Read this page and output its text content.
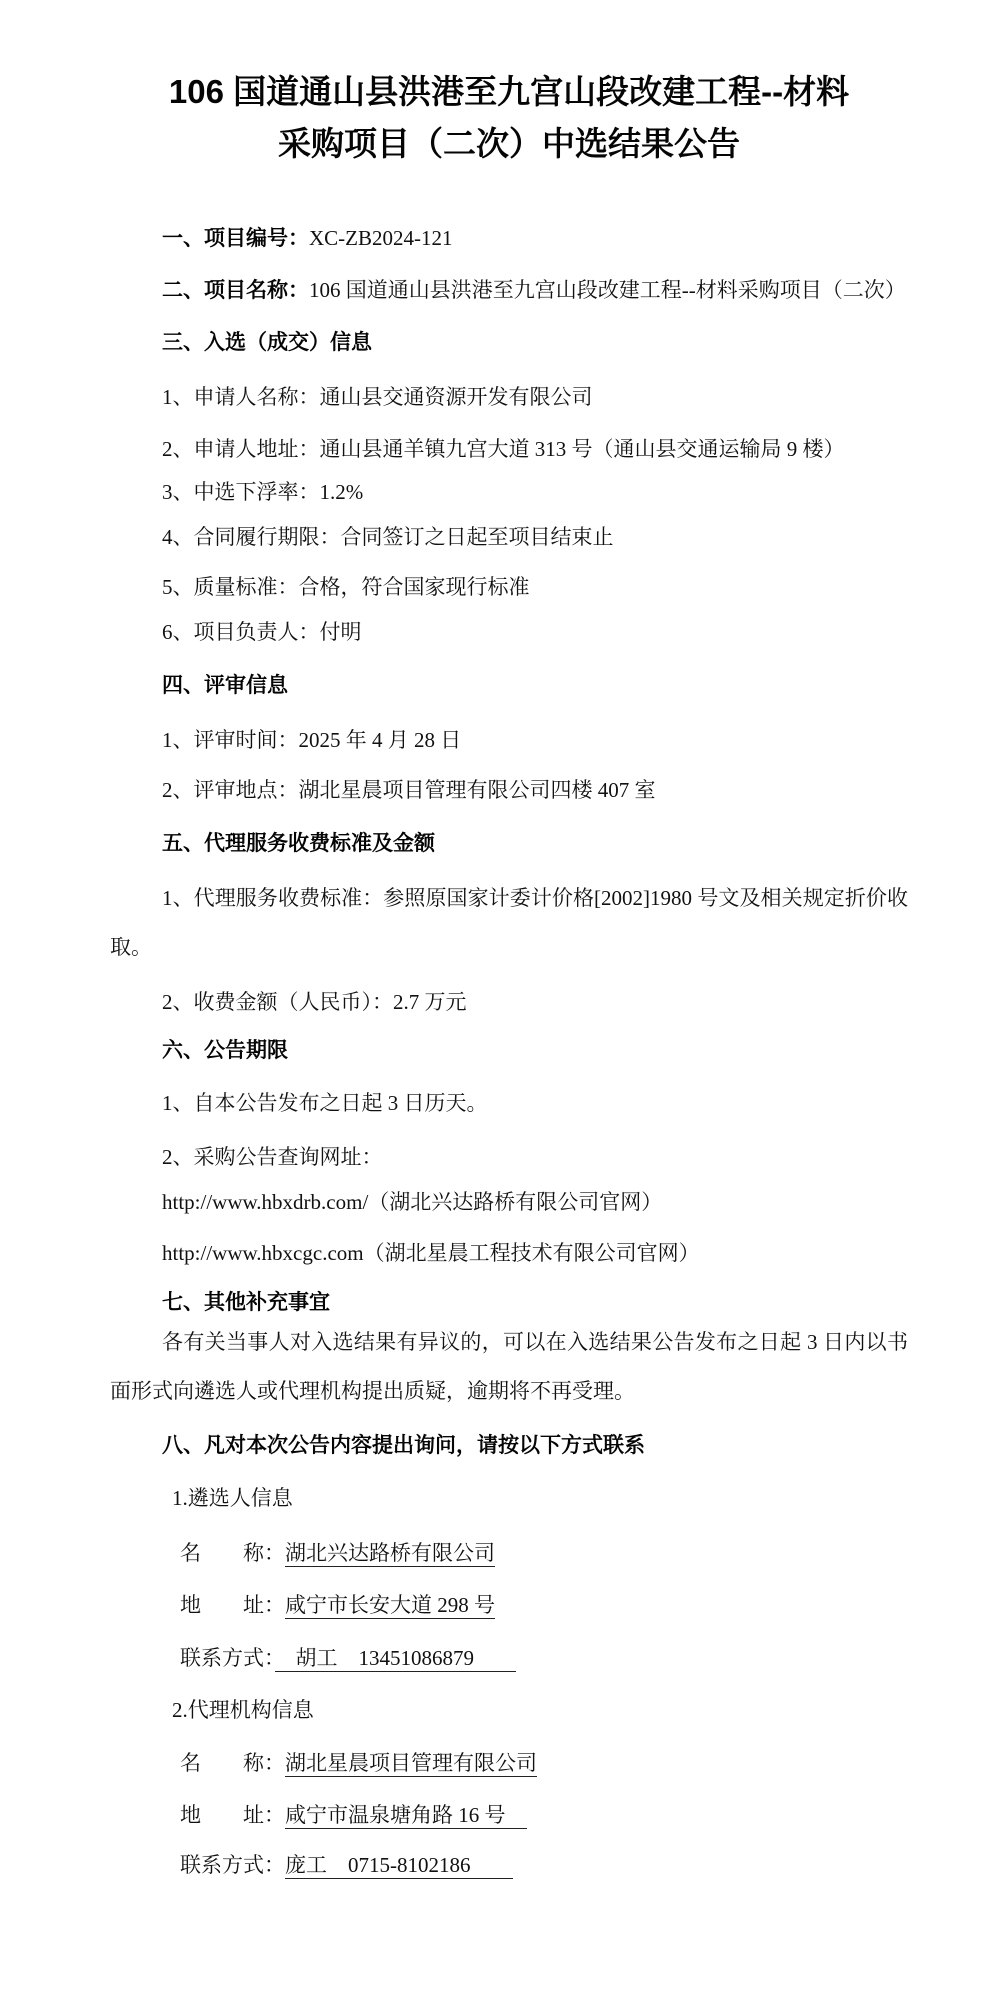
106 国道通山县洪港至九宫山段改建工程--材料
采购项目（二次）中选结果公告

一、项目编号：XC-ZB2024-121

二、项目名称：106 国道通山县洪港至九宫山段改建工程--材料采购项目（二次）

三、入选（成交）信息

1、申请人名称：通山县交通资源开发有限公司

2、申请人地址：通山县通羊镇九宫大道 313 号（通山县交通运输局 9 楼）

3、中选下浮率：1.2%

4、合同履行期限：合同签订之日起至项目结束止

5、质量标准：合格，符合国家现行标准

6、项目负责人：付明

四、评审信息

1、评审时间：2025 年 4 月 28 日

2、评审地点：湖北星晨项目管理有限公司四楼 407 室

五、代理服务收费标准及金额

1、代理服务收费标准：参照原国家计委计价格[2002]1980 号文及相关规定折价收取。

2、收费金额（人民币）：2.7 万元

六、公告期限

1、自本公告发布之日起 3 日历天。

2、采购公告查询网址：

http://www.hbxdrb.com/（湖北兴达路桥有限公司官网）

http://www.hbxcgc.com（湖北星晨工程技术有限公司官网）

七、其他补充事宜

各有关当事人对入选结果有异议的，可以在入选结果公告发布之日起 3 日内以书面形式向遴选人或代理机构提出质疑，逾期将不再受理。

八、凡对本次公告内容提出询问，请按以下方式联系

1.遴选人信息

名　　称：湖北兴达路桥有限公司

地　　址：咸宁市长安大道 298 号

联系方式：　胡工　13451086879　　

2.代理机构信息

名　　称：湖北星晨项目管理有限公司

地　　址：咸宁市温泉塘角路 16 号　

联系方式：庞工　0715-8102186　　
